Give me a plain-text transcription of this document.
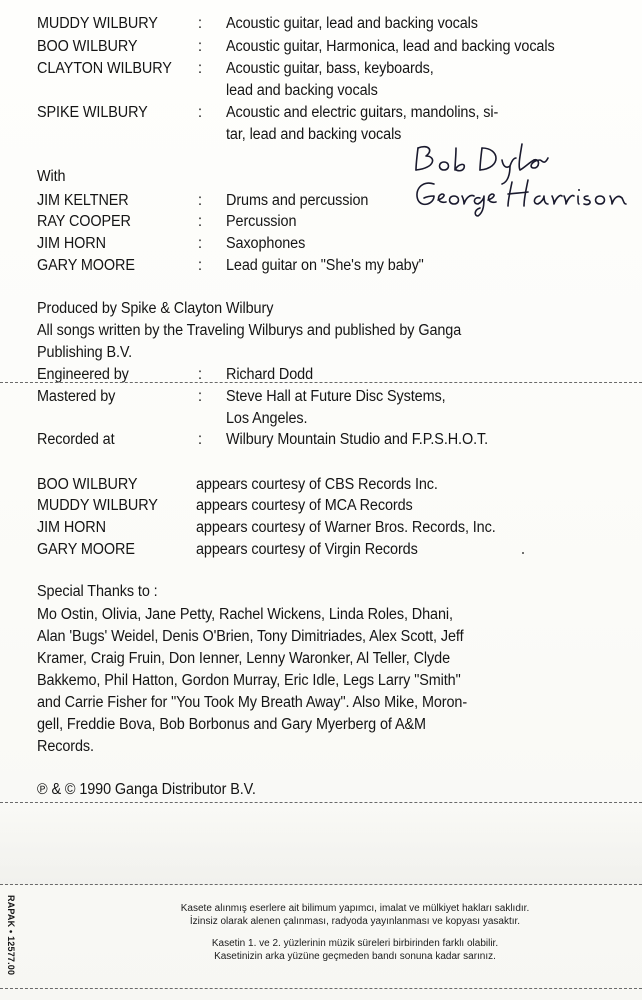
MUDDY WILBURY	: Acoustic guitar, lead and backing vocals
BOO WILBURY	: Acoustic guitar, Harmonica, lead and backing vocals
CLAYTON WILBURY : Acoustic guitar, bass, keyboards,
lead and backing vocals
SPIKE WILBURY	: Acoustic and electric guitars, mandolins, si-
tar, lead and backing vocals
With
JIM KELTNER	: Drums and percussion
RAY COOPER	: Percussion
JIM HORN	: Saxophones
GARY MOORE	: Lead guitar on "She's my baby"
Produced by Spike & Clayton Wilbury
All songs written by the Traveling Wilburys and published by Ganga
Publishing B.V.
Engineered by	: Richard Dodd
Mastered by	: Steve Hall at Future Disc Systems,
Los Angeles.
Recorded at	: Wilbury Mountain Studio and F.P.S.H.O.T.
BOO WILBURY	appears courtesy of CBS Records Inc.
MUDDY WILBURY appears courtesy of MCA Records
JIM HORN	appears courtesy of Warner Bros. Records, Inc.
GARY MOORE	appears courtesy of Virgin Records
Special Thanks to :
Mo Ostin, Olivia, Jane Petty, Rachel Wickens, Linda Roles, Dhani,
Alan 'Bugs' Weidel, Denis O'Brien, Tony Dimitriades, Alex Scott, Jeff
Kramer, Craig Fruin, Don Ienner, Lenny Waronker, Al Teller, Clyde
Bakkemo, Phil Hatton, Gordon Murray, Eric Idle, Legs Larry "Smith"
and Carrie Fisher for "You Took My Breath Away". Also Mike, Moron-
gell, Freddie Bova, Bob Borbonus and Gary Myerberg of A&M
Records.
℗ & © 1990 Ganga Distributor B.V.
Kasete alınmış eserlere ait bilimum yapımcı, imalat ve mülkiyet hakları saklıdır.
İzinsiz olarak alenen çalınması, radyoda yayınlanması ve kopyası yasaktır.
Kasetin 1. ve 2. yüzlerinin müzik süreleri birbirinden farklı olabilir.
Kasetinizin arka yüzüne geçmeden bandı sonuna kadar sarınız.
RAPAK • 12577.00
